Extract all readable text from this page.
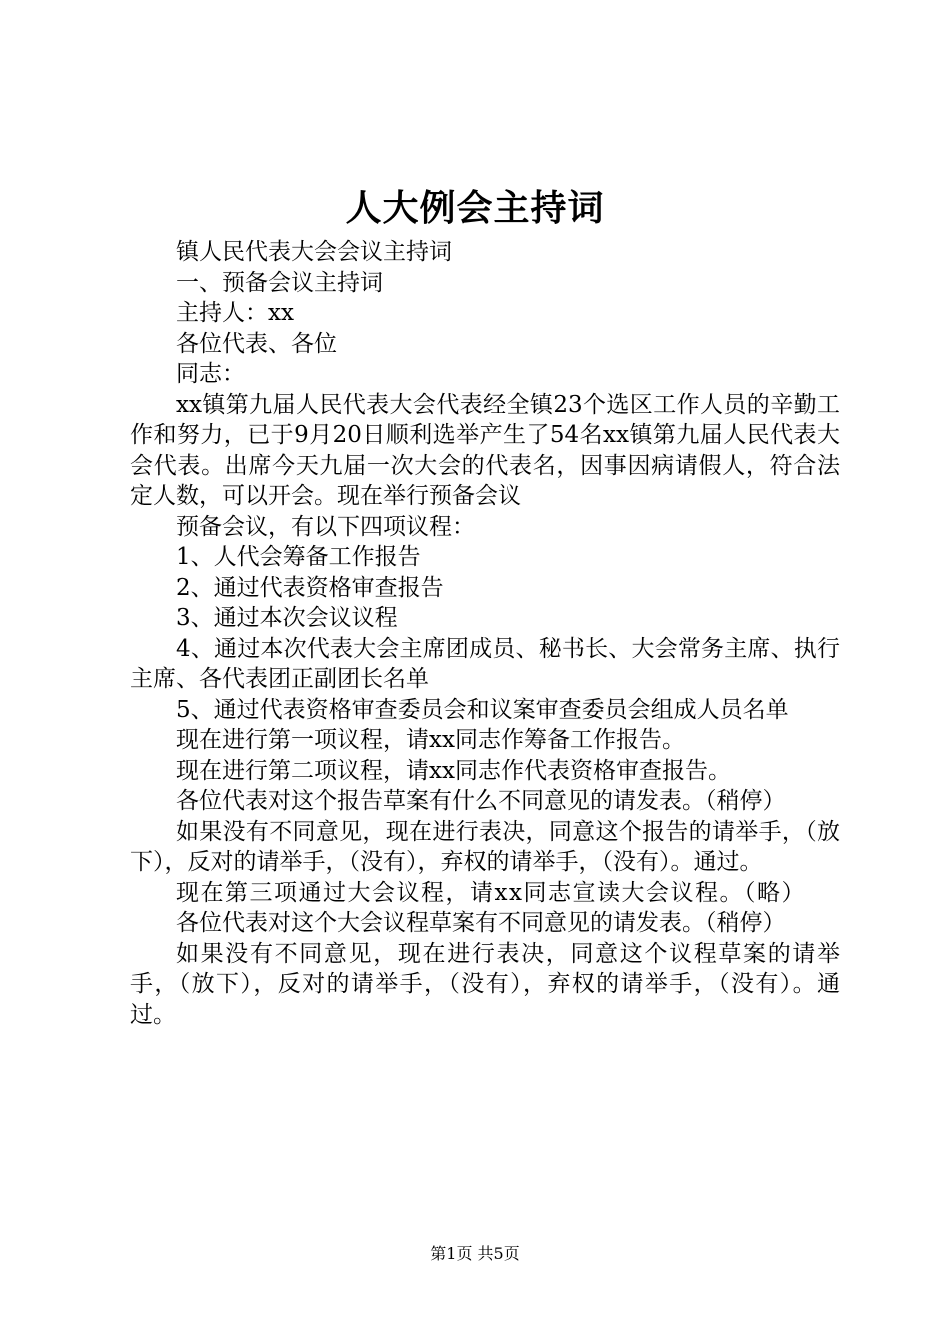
人大例会主持词

镇人民代表大会会议主持词

一、预备会议主持词

主持人：xx

各位代表、各位

同志：

xx镇第九届人民代表大会代表经全镇23个选区工作人员的辛勤工作和努力，已于9月20日顺利选举产生了54名xx镇第九届人民代表大会代表。出席今天九届一次大会的代表名，因事因病请假人，符合法定人数，可以开会。现在举行预备会议

预备会议，有以下四项议程：

1、人代会筹备工作报告

2、通过代表资格审查报告

3、通过本次会议议程

4、通过本次代表大会主席团成员、秘书长、大会常务主席、执行主席、各代表团正副团长名单

5、通过代表资格审查委员会和议案审查委员会组成人员名单

现在进行第一项议程，请xx同志作筹备工作报告。

现在进行第二项议程，请xx同志作代表资格审查报告。

各位代表对这个报告草案有什么不同意见的请发表。（稍停）

如果没有不同意见，现在进行表决，同意这个报告的请举手，（放下），反对的请举手，（没有），弃权的请举手，（没有）。通过。

现在第三项通过大会议程，请xx同志宣读大会议程。（略）

各位代表对这个大会议程草案有不同意见的请发表。（稍停）

如果没有不同意见，现在进行表决，同意这个议程草案的请举手，（放下），反对的请举手，（没有），弃权的请举手，（没有）。通过。

第1页 共5页
